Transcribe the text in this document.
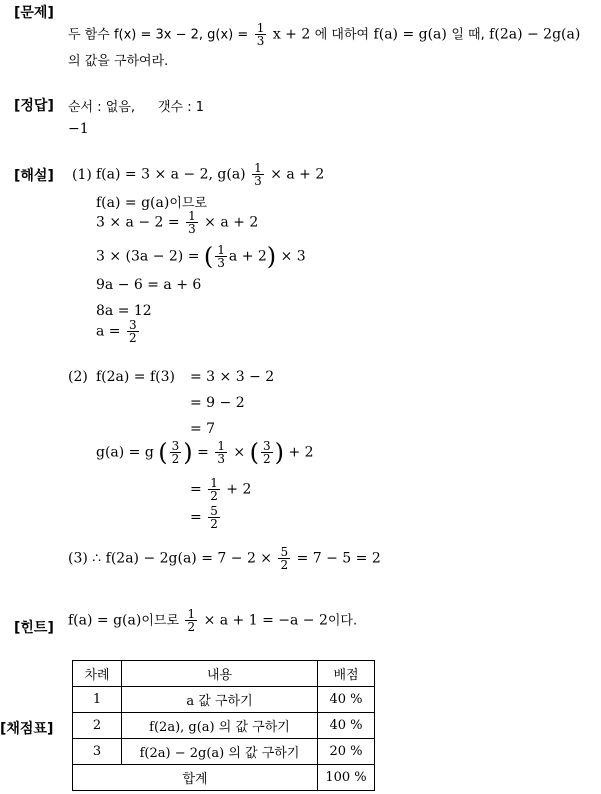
[문제]
[정답]
[해설]
[힌트]
[채점표]
두 함수 f(x) = 3x − 2, $g(x) = \frac{1}{3}$ x + 2 에 대하여 f(a) = g(a) 일 때, f(2a) − 2g(a)
의 값을 구하여라.
순서 : 없음, 갯수 : 1
−1
(1) f(a) = 3 × a − 2, $g(a) \frac{1}{3} \times a + 2$
f(a) = g(a)이므로
$3 \times a - 2 = \frac{1}{3} \times a + 2$
3 × (3a − 2) = ( $\frac{1}{3}$ a + 2) × 3
9a − 6 = a + 6
8a = 12
$a = \frac{3}{2}$
(2) f(2a) = f(3) = 3 × 3 − 2
= 9 − 2
= 7
g(a) = g ( $\frac{3}{2}$ ) = $\frac{1}{3}$ × ( $\frac{3}{2}$ ) + 2
= $\frac{1}{2} + 2$
= $\frac{5}{2}$
(3) ∴ $f(2a) - 2g(a) = 7 - 2 \times \frac{5}{2} = 7 - 5 = 2$
f(a) = g(a)이므로 $\frac{1}{2} \times a + 1 = -a - 2$이다.
차례	내용	배점
1	a 값 구하기	40 %
2	f(2a), g(a) 의 값 구하기	40 %
3	f(2a) − 2g(a) 의 값 구하기	20 %
합계		100 %
